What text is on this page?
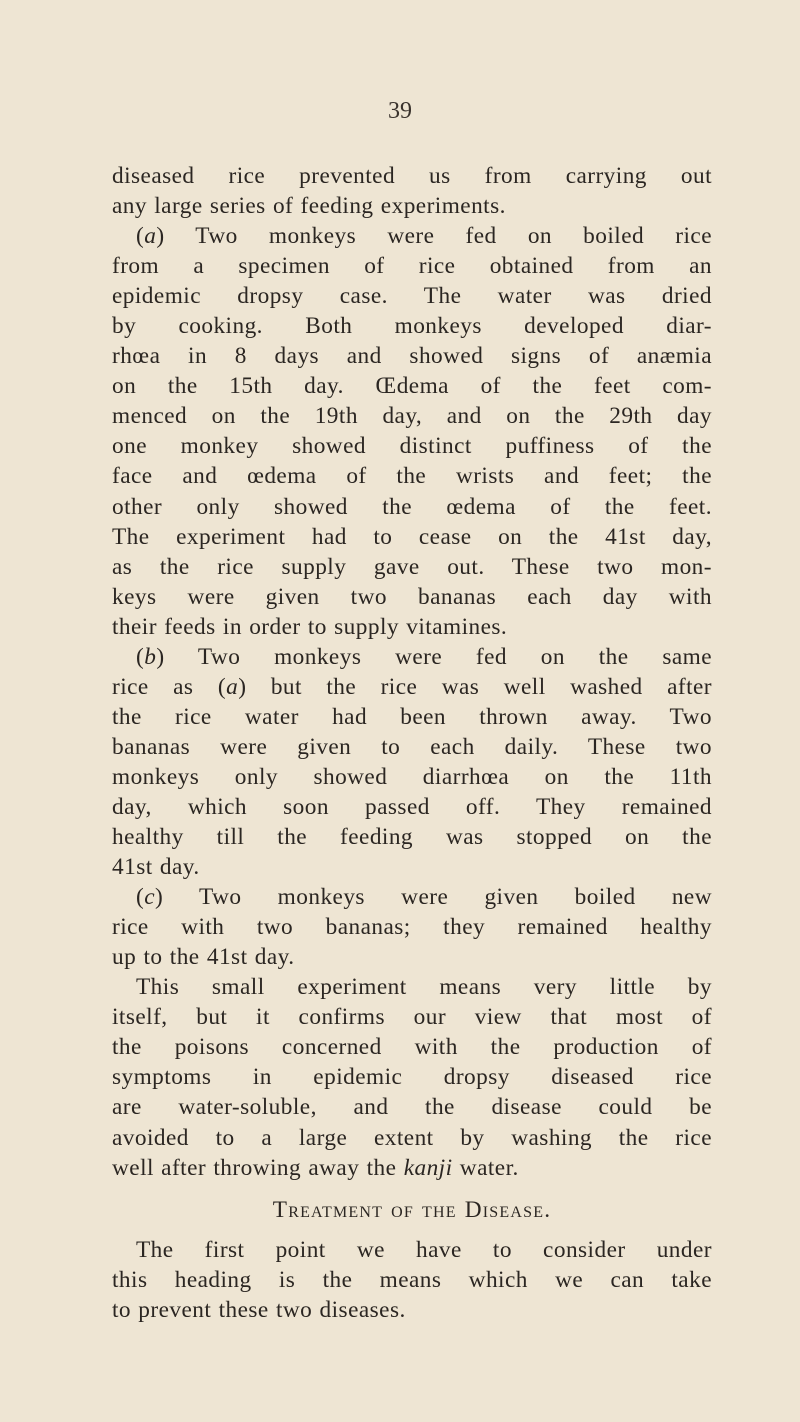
39
diseased rice prevented us from carrying out
any large series of feeding experiments.
(a) Two monkeys were fed on boiled rice
from a specimen of rice obtained from an
epidemic dropsy case. The water was dried
by cooking. Both monkeys developed diar-
rhœa in 8 days and showed signs of anæmia
on the 15th day. Œdema of the feet com-
menced on the 19th day, and on the 29th day
one monkey showed distinct puffiness of the
face and œdema of the wrists and feet; the
other only showed the œdema of the feet.
The experiment had to cease on the 41st day,
as the rice supply gave out. These two mon-
keys were given two bananas each day with
their feeds in order to supply vitamines.
(b) Two monkeys were fed on the same
rice as (a) but the rice was well washed after
the rice water had been thrown away. Two
bananas were given to each daily. These two
monkeys only showed diarrhœa on the 11th
day, which soon passed off. They remained
healthy till the feeding was stopped on the
41st day.
(c) Two monkeys were given boiled new
rice with two bananas; they remained healthy
up to the 41st day.
This small experiment means very little by
itself, but it confirms our view that most of
the poisons concerned with the production of
symptoms in epidemic dropsy diseased rice
are water-soluble, and the disease could be
avoided to a large extent by washing the rice
well after throwing away the kanji water.
Treatment of the Disease.
The first point we have to consider under
this heading is the means which we can take
to prevent these two diseases.
